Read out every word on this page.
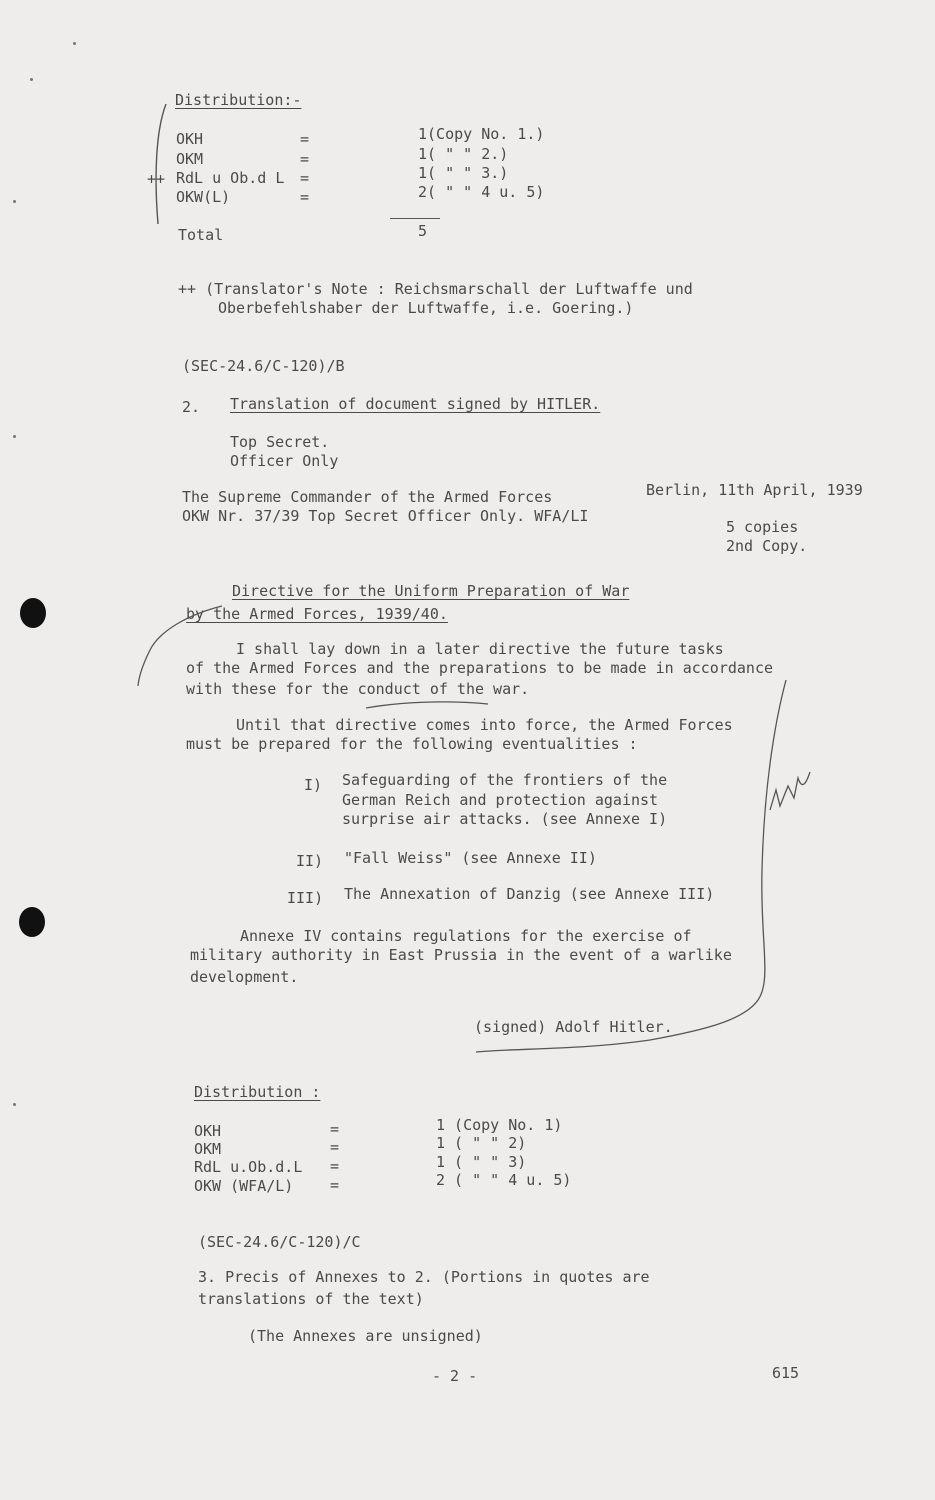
Distribution:-
OKH	=	1(Copy No. 1.)
OKM	=	1( " " 2.)
++ RdL u Ob.d L =	1( " " 3.)
OKW(L)	=	2( " " 4 u. 5)
Total	5
++ (Translator's Note : Reichsmarschall der Luftwaffe und
Oberbefehlshaber der Luftwaffe, i.e. Goering.)
(SEC-24.6/C-120)/B
2. Translation of document signed by HITLER.
Top Secret.
Officer Only
The Supreme Commander of the Armed Forces	Berlin, 11th April, 1939
OKW Nr. 37/39 Top Secret Officer Only. WFA/LI
5 copies
2nd Copy.
Directive for the Uniform Preparation of War
by the Armed Forces, 1939/40.
I shall lay down in a later directive the future tasks
of the Armed Forces and the preparations to be made in accordance
with these for the conduct of the war.
Until that directive comes into force, the Armed Forces
must be prepared for the following eventualities :
I) Safeguarding of the frontiers of the
German Reich and protection against
surprise air attacks. (see Annexe I)
II) "Fall Weiss" (see Annexe II)
III) The Annexation of Danzig (see Annexe III)
Annexe IV contains regulations for the exercise of
military authority in East Prussia in the event of a warlike
development.
(signed) Adolf Hitler.
Distribution :
OKH	=	1 (Copy No. 1)
OKM	=	1 ( " " 2)
RdL u.Ob.d.L =	1 ( " " 3)
OKW (WFA/L) =	2 ( " " 4 u. 5)
(SEC-24.6/C-120)/C
3. Precis of Annexes to 2. (Portions in quotes are
translations of the text)
(The Annexes are unsigned)
- 2 -	615
